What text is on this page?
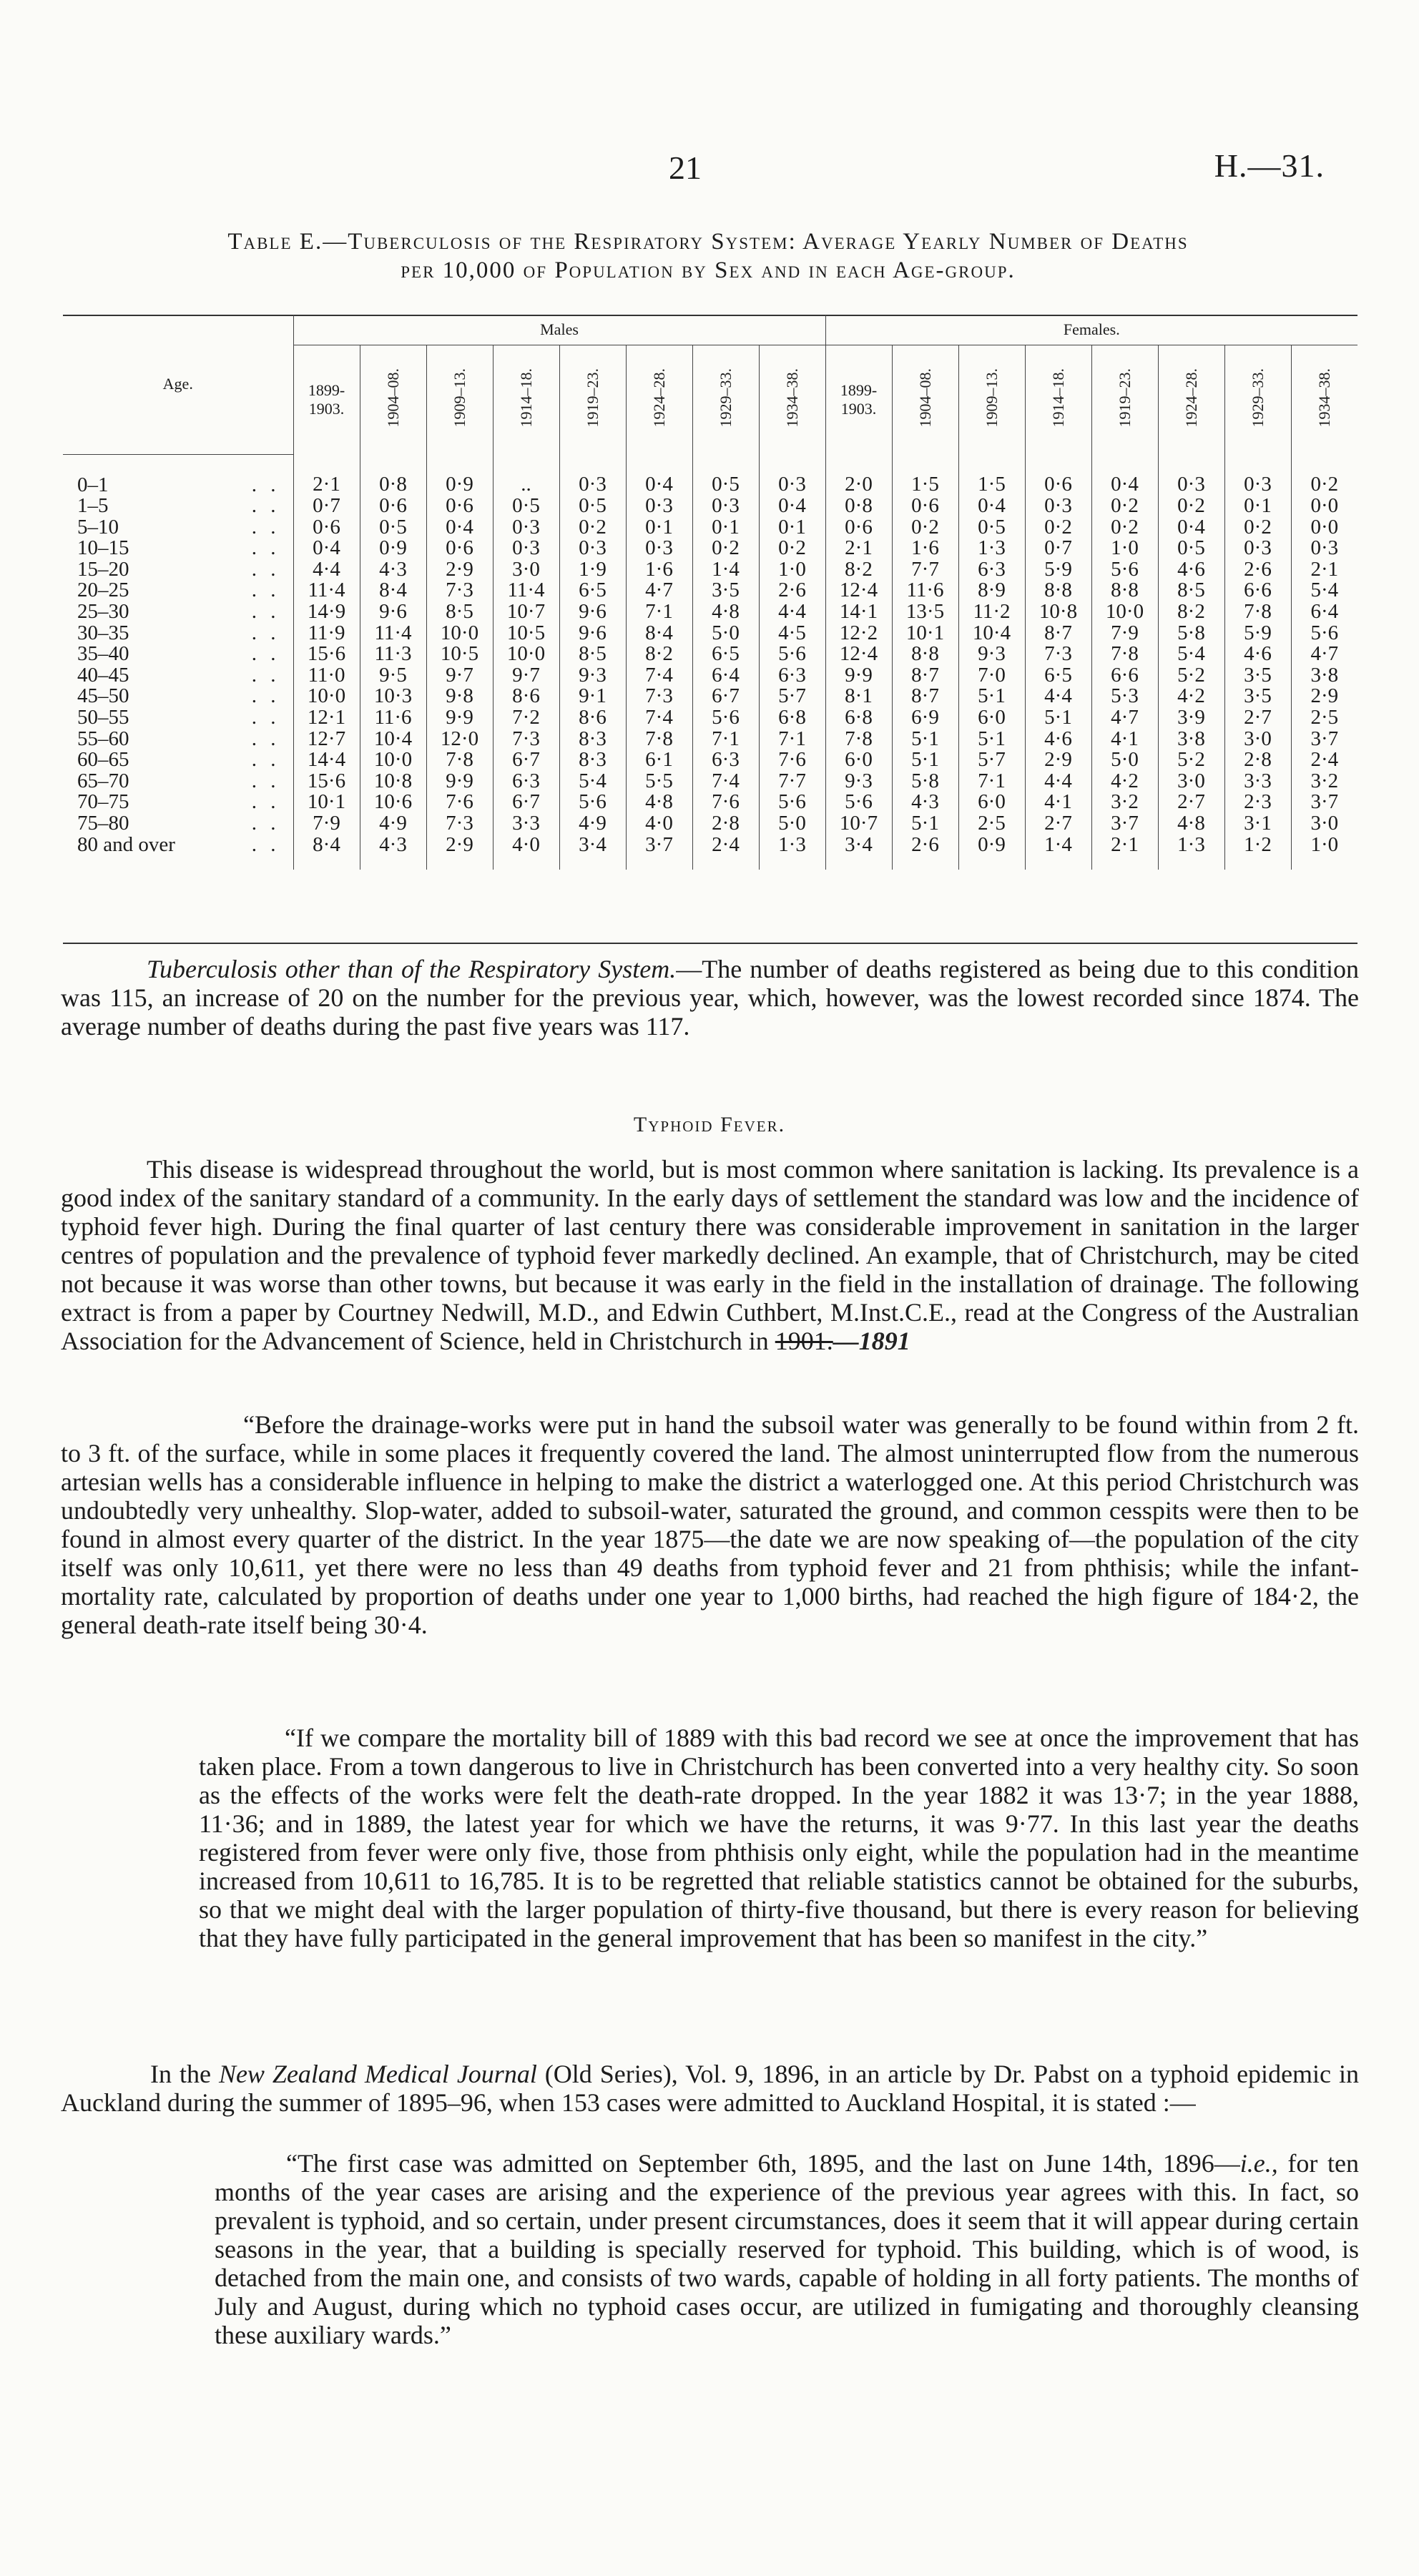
21	H.—31.
Table E.—Tuberculosis of the Respiratory System: Average Yearly Number of Deaths
per 10,000 of Population by Sex and in each Age-group.
Age.	Males								Females.							
	1899-1903.	1904–08.	1909–13.	1914–18.	1919–23.	1924–28.	1929–33.	1934–38.	1899-1903.	1904–08.	1909–13.	1914–18.	1919–23.	1924–28.	1929–33.	1934–38.

. .
0–1	2·1	0·8	0·9	..	0·3	0·4	0·5	0·3	2·0	1·5	1·5	0·6	0·4	0·3	0·3	0·2

. .
1–5	0·7	0·6	0·6	0·5	0·5	0·3	0·3	0·4	0·8	0·6	0·4	0·3	0·2	0·2	0·1	0·0

. .
5–10	0·6	0·5	0·4	0·3	0·2	0·1	0·1	0·1	0·6	0·2	0·5	0·2	0·2	0·4	0·2	0·0

. .
10–15	0·4	0·9	0·6	0·3	0·3	0·3	0·2	0·2	2·1	1·6	1·3	0·7	1·0	0·5	0·3	0·3

. .
15–20	4·4	4·3	2·9	3·0	1·9	1·6	1·4	1·0	8·2	7·7	6·3	5·9	5·6	4·6	2·6	2·1

. .
20–25	11·4	8·4	7·3	11·4	6·5	4·7	3·5	2·6	12·4	11·6	8·9	8·8	8·8	8·5	6·6	5·4

. .
25–30	14·9	9·6	8·5	10·7	9·6	7·1	4·8	4·4	14·1	13·5	11·2	10·8	10·0	8·2	7·8	6·4

. .
30–35	11·9	11·4	10·0	10·5	9·6	8·4	5·0	4·5	12·2	10·1	10·4	8·7	7·9	5·8	5·9	5·6

. .
35–40	15·6	11·3	10·5	10·0	8·5	8·2	6·5	5·6	12·4	8·8	9·3	7·3	7·8	5·4	4·6	4·7

. .
40–45	11·0	9·5	9·7	9·7	9·3	7·4	6·4	6·3	9·9	8·7	7·0	6·5	6·6	5·2	3·5	3·8

. .
45–50	10·0	10·3	9·8	8·6	9·1	7·3	6·7	5·7	8·1	8·7	5·1	4·4	5·3	4·2	3·5	2·9

. .
50–55	12·1	11·6	9·9	7·2	8·6	7·4	5·6	6·8	6·8	6·9	6·0	5·1	4·7	3·9	2·7	2·5

. .
55–60	12·7	10·4	12·0	7·3	8·3	7·8	7·1	7·1	7·8	5·1	5·1	4·6	4·1	3·8	3·0	3·7

. .
60–65	14·4	10·0	7·8	6·7	8·3	6·1	6·3	7·6	6·0	5·1	5·7	2·9	5·0	5·2	2·8	2·4

. .
65–70	15·6	10·8	9·9	6·3	5·4	5·5	7·4	7·7	9·3	5·8	7·1	4·4	4·2	3·0	3·3	3·2

. .
70–75	10·1	10·6	7·6	6·7	5·6	4·8	7·6	5·6	5·6	4·3	6·0	4·1	3·2	2·7	2·3	3·7

. .
75–80	7·9	4·9	7·3	3·3	4·9	4·0	2·8	5·0	10·7	5·1	2·5	2·7	3·7	4·8	3·1	3·0

. .
80 and over	8·4	4·3	2·9	4·0	3·4	3·7	2·4	1·3	3·4	2·6	0·9	1·4	2·1	1·3	1·2	1·0
Tuberculosis other than of the Respiratory System.—The number of deaths registered as being due to this condition was 115, an increase of 20 on the number for the previous year, which, however, was the lowest recorded since 1874. The average number of deaths during the past five years was 117.
Typhoid Fever.
This disease is widespread throughout the world, but is most common where sanitation is lacking. Its prevalence is a good index of the sanitary standard of a community. In the early days of settlement the standard was low and the incidence of typhoid fever high. During the final quarter of last century there was considerable improvement in sanitation in the larger centres of population and the prevalence of typhoid fever markedly declined. An example, that of Christchurch, may be cited not because it was worse than other towns, but because it was early in the field in the installation of drainage. The following extract is from a paper by Courtney Nedwill, M.D., and Edwin Cuthbert, M.Inst.C.E., read at the Congress of the Australian Association for the Advancement of Science, held in Christchurch in 1901.—1891
“Before the drainage-works were put in hand the subsoil water was generally to be found within from 2 ft. to 3 ft. of the surface, while in some places it frequently covered the land. The almost uninterrupted flow from the numerous artesian wells has a considerable influence in helping to make the district a waterlogged one. At this period Christchurch was undoubtedly very unhealthy. Slop-water, added to subsoil-water, saturated the ground, and common cesspits were then to be found in almost every quarter of the district. In the year 1875—the date we are now speaking of—the population of the city itself was only 10,611, yet there were no less than 49 deaths from typhoid fever and 21 from phthisis; while the infant-mortality rate, calculated by proportion of deaths under one year to 1,000 births, had reached the high figure of 184·2, the general death-rate itself being 30·4.
“If we compare the mortality bill of 1889 with this bad record we see at once the improvement that has taken place. From a town dangerous to live in Christchurch has been converted into a very healthy city. So soon as the effects of the works were felt the death-rate dropped. In the year 1882 it was 13·7; in the year 1888, 11·36; and in 1889, the latest year for which we have the returns, it was 9·77. In this last year the deaths registered from fever were only five, those from phthisis only eight, while the population had in the meantime increased from 10,611 to 16,785. It is to be regretted that reliable statistics cannot be obtained for the suburbs, so that we might deal with the larger population of thirty-five thousand, but there is every reason for believing that they have fully participated in the general improvement that has been so manifest in the city.”
In the New Zealand Medical Journal (Old Series), Vol. 9, 1896, in an article by Dr. Pabst on a typhoid epidemic in Auckland during the summer of 1895–96, when 153 cases were admitted to Auckland Hospital, it is stated :—
“The first case was admitted on September 6th, 1895, and the last on June 14th, 1896—i.e., for ten months of the year cases are arising and the experience of the previous year agrees with this. In fact, so prevalent is typhoid, and so certain, under present circumstances, does it seem that it will appear during certain seasons in the year, that a building is specially reserved for typhoid. This building, which is of wood, is detached from the main one, and consists of two wards, capable of holding in all forty patients. The months of July and August, during which no typhoid cases occur, are utilized in fumigating and thoroughly cleansing these auxiliary wards.”
